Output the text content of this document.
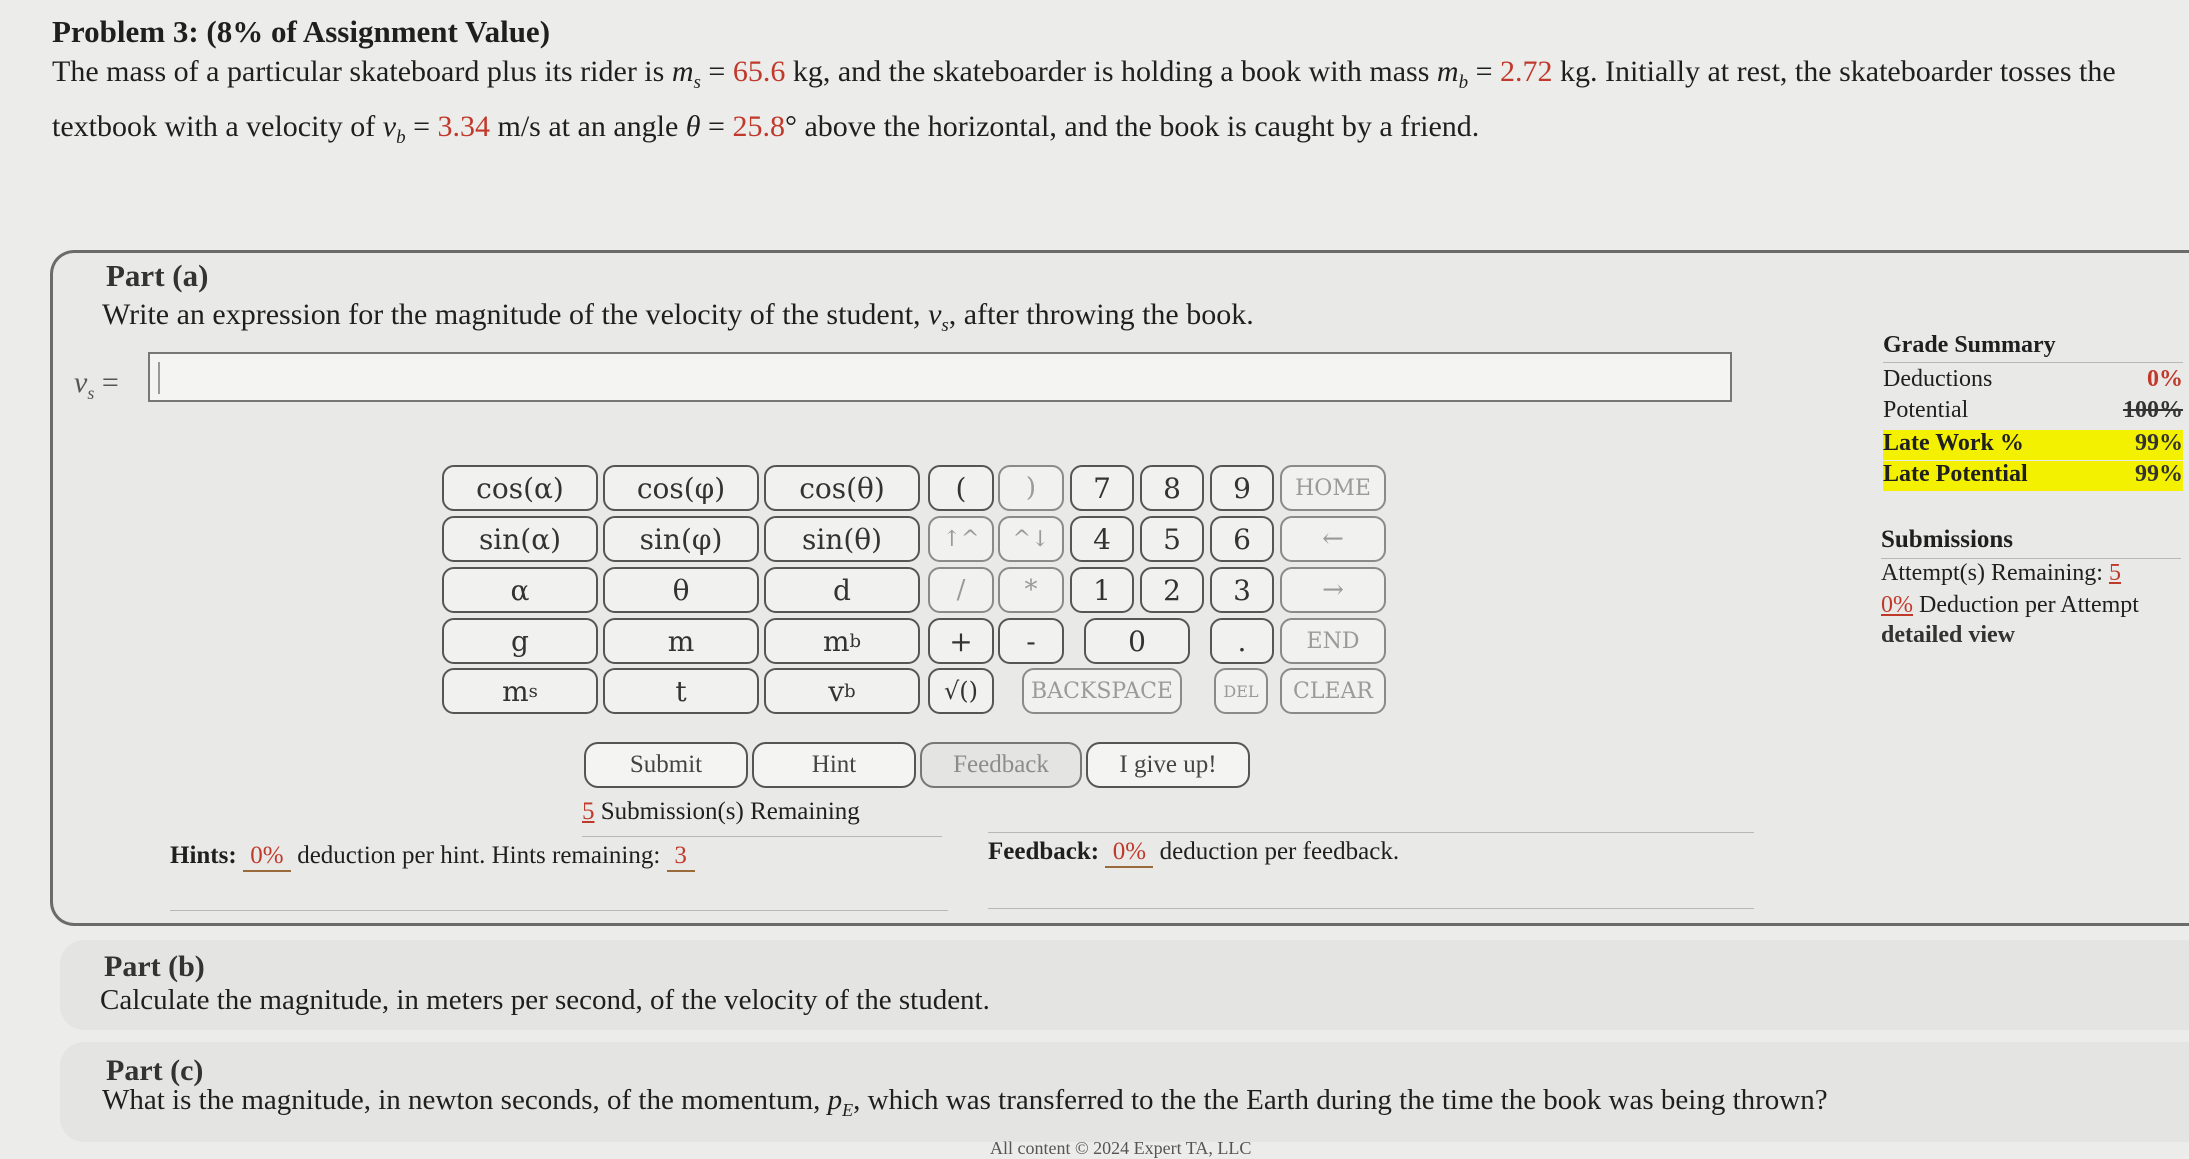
Problem 3: (8% of Assignment Value)
The mass of a particular skateboard plus its rider is $m_s = 65.6$ kg, and the skateboarder is holding a book with mass $m_b = 2.72$ kg. Initially at rest, the skateboarder tosses the textbook with a velocity of $v_b = 3.34$ m/s at an angle θ = 25.8° above the horizontal, and the book is caught by a friend.
Part (a)
Write an expression for the magnitude of the velocity of the student, $v_s$, after throwing the book.
$v_s$ =
cos(α)	cos(φ)	cos(θ)
sin(α)	sin(φ)	sin(θ)
α	θ	d
g	m	m b
m s	t	v b
(	)
↑^	^↓
/	*
+	-
√()
7	8	9
4	5	6
1	2	3
0	.
HOME
←
→
END
BACKSPACE	DEL	CLEAR
Submit	Hint	Feedback	I give up!
5 Submission(s) Remaining
Hints: 0% deduction per hint. Hints remaining: 3	Feedback: 0% deduction per feedback.
Grade Summary
Deductions	0%
Potential	100%
Late Work %	99%
Late Potential	99%
Submissions
Attempt(s) Remaining: 5
0% Deduction per Attempt
detailed view
Part (b)
Calculate the magnitude, in meters per second, of the velocity of the student.
Part (c)
What is the magnitude, in newton seconds, of the momentum, $p_E$, which was transferred to the the Earth during the time the book was being thrown?
All content © 2024 Expert TA, LLC
